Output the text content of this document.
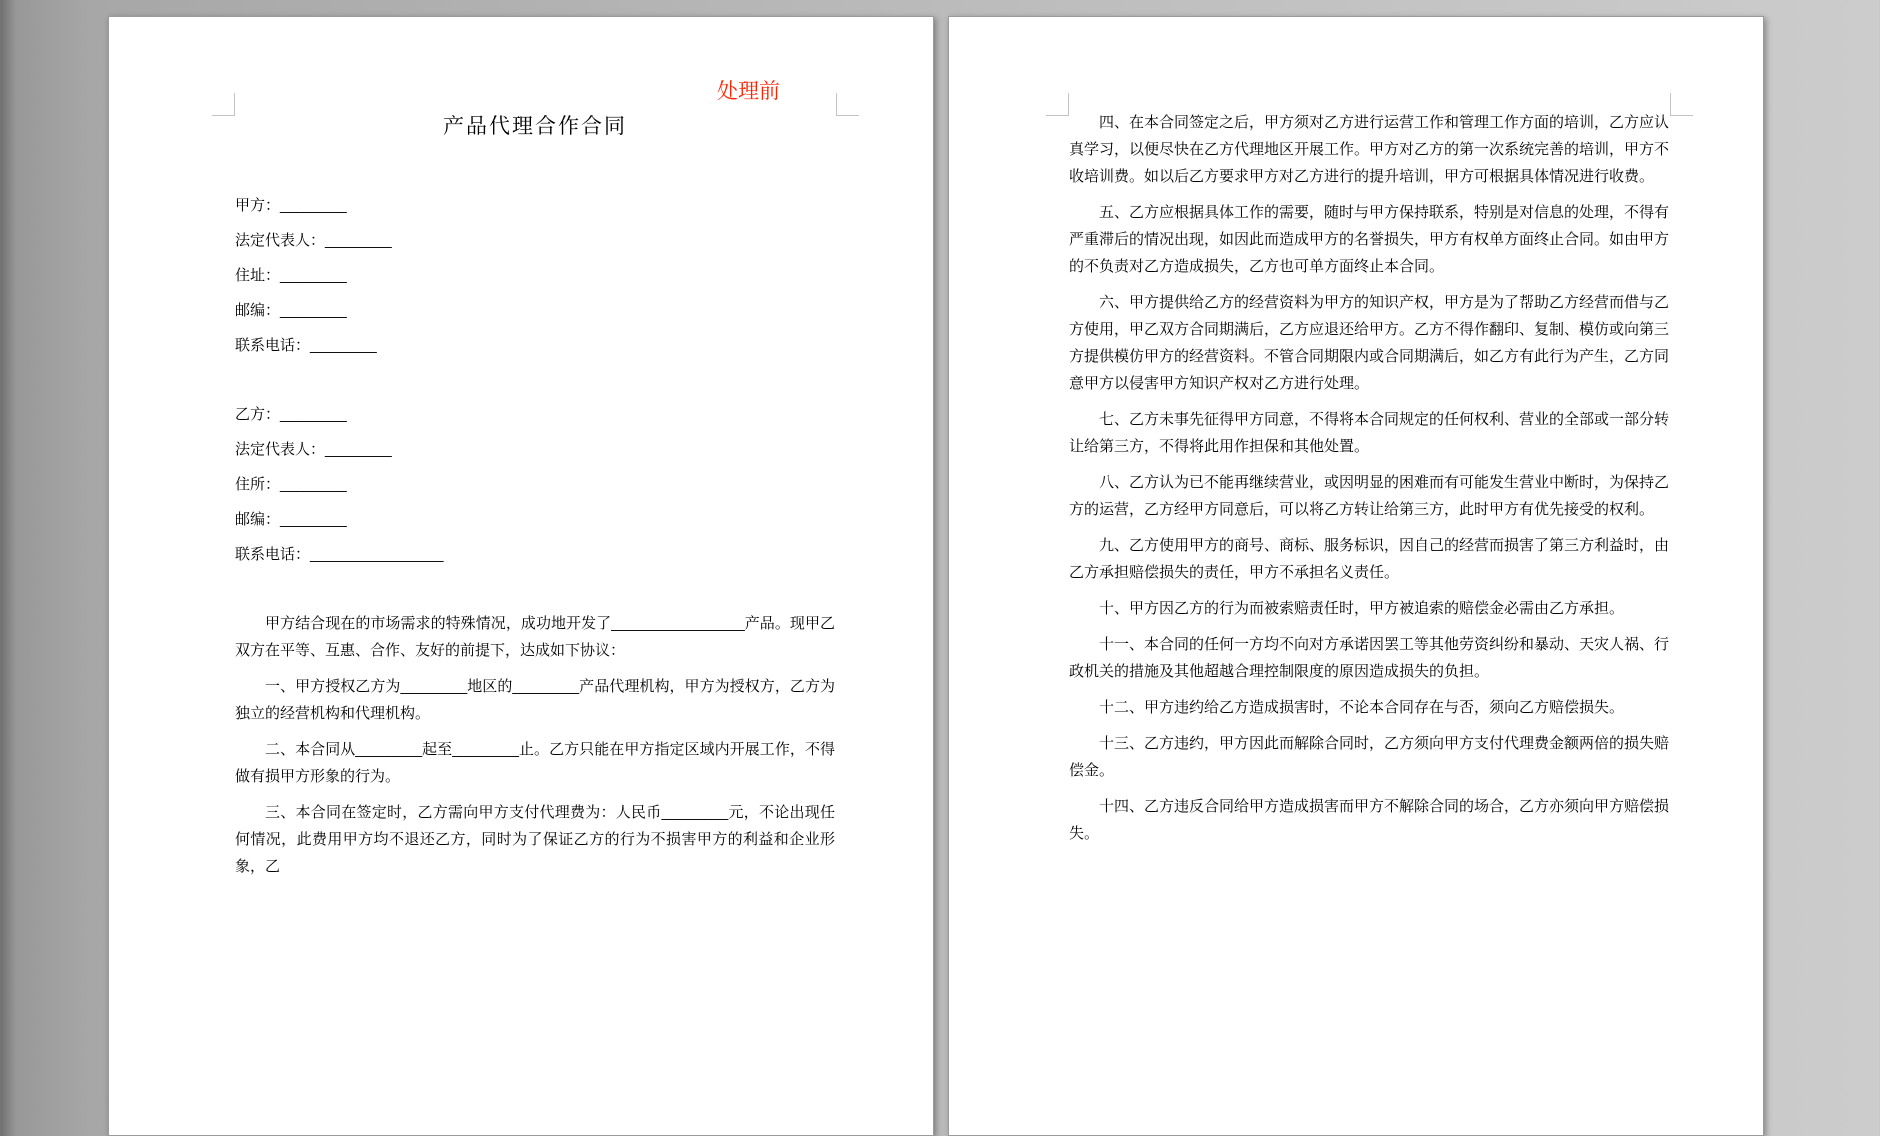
处理前
产品代理合作合同
甲方：________
法定代表人：________
住址：________
邮编：________
联系电话：________
乙方：________
法定代表人：________
住所：________
邮编：________
联系电话：________________

甲方结合现在的市场需求的特殊情况，成功地开发了________________产品。现甲乙双方在平等、互惠、合作、友好的前提下，达成如下协议：

一、甲方授权乙方为________地区的________产品代理机构，甲方为授权方，乙方为独立的经营机构和代理机构。

二、本合同从________起至________止。乙方只能在甲方指定区域内开展工作，不得做有损甲方形象的行为。

三、本合同在签定时，乙方需向甲方支付代理费为：人民币________元，不论出现任何情况，此费用甲方均不退还乙方，同时为了保证乙方的行为不损害甲方的利益和企业形象，乙

四、在本合同签定之后，甲方须对乙方进行运营工作和管理工作方面的培训，乙方应认真学习，以便尽快在乙方代理地区开展工作。甲方对乙方的第一次系统完善的培训，甲方不收培训费。如以后乙方要求甲方对乙方进行的提升培训，甲方可根据具体情况进行收费。

五、乙方应根据具体工作的需要，随时与甲方保持联系，特别是对信息的处理，不得有严重滞后的情况出现，如因此而造成甲方的名誉损失，甲方有权单方面终止合同。如由甲方的不负责对乙方造成损失，乙方也可单方面终止本合同。

六、甲方提供给乙方的经营资料为甲方的知识产权，甲方是为了帮助乙方经营而借与乙方使用，甲乙双方合同期满后，乙方应退还给甲方。乙方不得作翻印、复制、模仿或向第三方提供模仿甲方的经营资料。不管合同期限内或合同期满后，如乙方有此行为产生，乙方同意甲方以侵害甲方知识产权对乙方进行处理。

七、乙方未事先征得甲方同意，不得将本合同规定的任何权利、营业的全部或一部分转让给第三方，不得将此用作担保和其他处置。

八、乙方认为已不能再继续营业，或因明显的困难而有可能发生营业中断时，为保持乙方的运营，乙方经甲方同意后，可以将乙方转让给第三方，此时甲方有优先接受的权利。

九、乙方使用甲方的商号、商标、服务标识，因自己的经营而损害了第三方利益时，由乙方承担赔偿损失的责任，甲方不承担名义责任。

十、甲方因乙方的行为而被索赔责任时，甲方被追索的赔偿金必需由乙方承担。

十一、本合同的任何一方均不向对方承诺因罢工等其他劳资纠纷和暴动、天灾人祸、行政机关的措施及其他超越合理控制限度的原因造成损失的负担。

十二、甲方违约给乙方造成损害时，不论本合同存在与否，须向乙方赔偿损失。

十三、乙方违约，甲方因此而解除合同时，乙方须向甲方支付代理费金额两倍的损失赔偿金。

十四、乙方违反合同给甲方造成损害而甲方不解除合同的场合，乙方亦须向甲方赔偿损失。
